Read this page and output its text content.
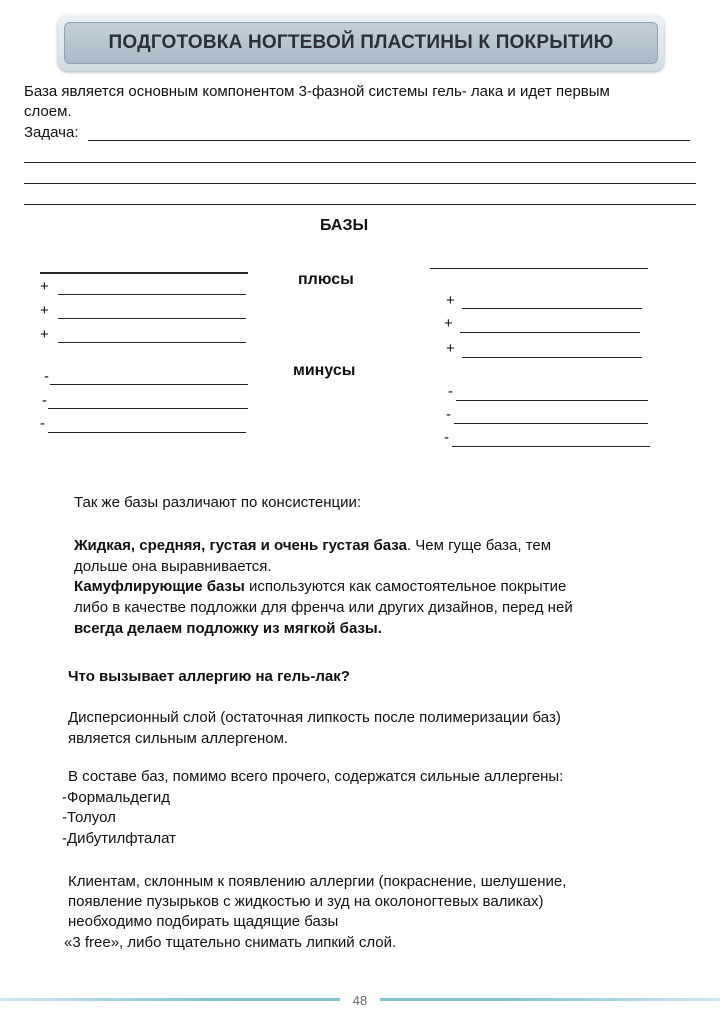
ПОДГОТОВКА НОГТЕВОЙ ПЛАСТИНЫ К ПОКРЫТИЮ
База является основным компонентом 3-фазной системы гель- лака и идет первым
слоем.
Задача:
БАЗЫ
плюсы
минусы
+
+
+
-
-
-
+
+
+
-
-
-
Так же базы различают по консистенции:
Жидкая, средняя, густая и очень густая база. Чем гуще база, тем
дольше она выравнивается.
Камуфлирующие базы используются как самостоятельное покрытие
либо в качестве подложки для френча или других дизайнов, перед ней
всегда делаем подложку из мягкой базы.
Что вызывает аллергию на гель-лак?
Дисперсионный слой (остаточная липкость после полимеризации баз)
является сильным аллергеном.
В составе баз, помимо всего прочего, содержатся сильные аллергены:
-Формальдегид
-Толуол
-Дибутилфталат
Клиентам, склонным к появлению аллергии (покраснение, шелушение,
появление пузырьков с жидкостью и зуд на околоногтевых валиках)
необходимо подбирать щадящие базы
«3 free», либо тщательно снимать липкий слой.
48
